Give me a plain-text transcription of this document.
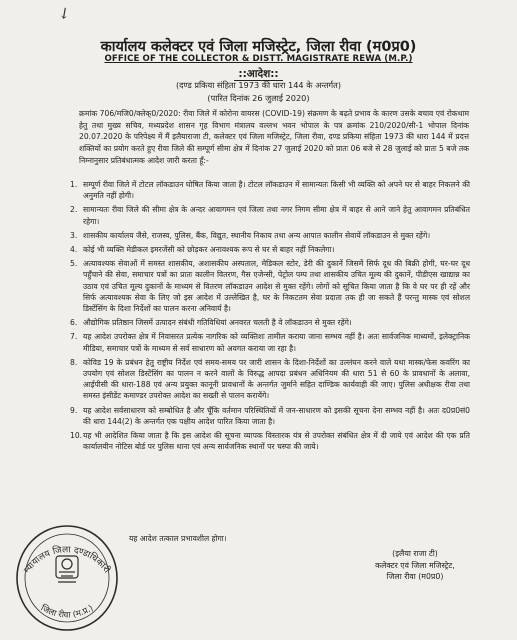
↙
कार्यालय कलेक्टर एवं जिला मजिस्ट्रेट, जिला रीवा (म0प्र0)
OFFICE OF THE COLLECTOR & DISTT. MAGISTRATE REWA (M.P.)
::आदेश::
(दण्ड प्रकिया संहिता 1973 की धारा 144 के अन्तर्गत)
(पारित दिनांक 26 जुलाई 2020)
क्रमांक 706/मजि0/क्लेक्0/2020: रीवा जिले में कोरोना वायरस (COVID-19) संक्रमण के बढ़ते प्रभाव के कारण उसके बचाव एवं रोकथाम हेतु तथा मुख्य सचिव, मध्यप्रदेश शासन गृह विभाग मंत्रालय वल्लभ भवन भोपाल के पत्र क्रमांक 210/2020/सी-1 भोपाल दिनांक 20.07.2020 के परिपेक्ष्य में मैं इलैयाराजा टी, कलेक्टर एवं जिला मजिस्ट्रेट, जिला रीवा, दण्ड प्रकिया संहिता 1973 की धारा 144 में प्रदत्त शक्तियों का प्रयोग करते हुए रीवा जिले की सम्पूर्ण सीमा क्षेत्र में दिनांक 27 जुलाई 2020 को प्रातः 06 बजे से 28 जुलाई को प्रातः 5 बजे तक निम्नानुसार प्रतिबंधात्मक आदेश जारी करता हूँ:-
1. सम्पूर्ण रीवा जिले में टोटल लॉकडाउन घोषित किया जाता है। टोटल लॉकडाउन में सामान्यतः किसी भी व्यक्ति को अपने घर से बाहर निकलने की अनुमति नहीं होगी।
2. सामान्यतः रीवा जिले की सीमा क्षेत्र के अन्दर आवागमन एवं जिला तथा नगर निगम सीमा क्षेत्र में बाहर से आने जाने हेतु आवागमन प्रतिबंधित रहेगा।
3. शासकीय कार्यालय जैसे, राजस्व, पुलिस, बैंक, विद्युत, स्थानीय निकाय तथा अन्य आपात कालीन सेवायें लॉकडाउन से मुक्त रहेंगे।
4. कोई भी व्यक्ति मेडीकल इमरजेंसी को छोड़कर अनावश्यक रूप से घर से बाहर नहीं निकलेगा।
5. अत्यावश्यक सेवाओं में समस्त शासकीय, अशासकीय अस्पताल, मेडिकल स्टोर, डेरी की दुकानें जिसमें सिर्फ दूध की बिक्री होगी, घर-घर दूध पहुँचाने की सेवा, समाचार पत्रों का प्रातः कालीन वितरण, गैस एजेन्सी, पेट्रोल पम्प तथा शासकीय उचित मूल्य की दुकानें, पीडीएस खाद्यान्न का उठाव एवं उचित मूल्य दुकानों के माध्यम से वितरण लॉकडाउन आदेश से मुक्त रहेंगे। लोगों को सूचित किया जाता है कि वे घर पर ही रहें और सिर्फ अत्यावश्यक सेवा के लिए जो इस आदेश में उल्लेखित है, घर के निकटतम सेवा प्रदाता तक ही जा सकते हैं परन्तु मास्क एवं सोशल डिस्टेंसिंग के दिशा निर्देशों का पालन करना अनिवार्य है।
6. औद्योगिक प्रतिष्ठान जिसमें उत्पादन संबंधी गतिविधियां अनवरत चलती है वे लॉकडाउन से मुक्त रहेंगे।
7. यह आदेश उपरोक्त क्षेत्र में निवासरत प्रत्येक नागरिक को व्यक्तिशः तामील कराया जाना सम्भव नहीं है। अतः सार्वजनिक माध्यमों, इलेक्ट्रानिक मीडिया, समाचार पत्रों के माध्यम से सर्व साधारण को अवगत कराया जा रहा है।
8. कोविड 19 के प्रबंधन हेतु राष्ट्रीय निर्देश एवं समय-समय पर जारी शासन के दिशा-निर्देशों का उल्लंघन करने वाले यथा मास्क/फेस कवरिंग का उपयोग एवं सोशल डिस्टेंसिंग का पालन न करने वालों के विरुद्ध आपदा प्रबंधन अधिनियम की धारा 51 से 60 के प्रावधानों के अलावा, आईपीसी की धारा-188 एवं अन्य प्रयुक्त कानूनी प्रावधानों के अन्तर्गत जुर्माने सहित दाण्डिक कार्यवाही की जाए। पुलिस अधीक्षक रीवा तथा समस्त इंसीडेंट कमाण्डर उपरोक्त आदेश का सख्ती से पालन करायेंगे।
9. यह आदेश सर्वसाधारण को सम्बोधित है और चूँकि वर्तमान परिस्थितियों में जन-साधारण को इसकी सूचना देना सम्भव नहीं है। अतः द0प्र0सं0 की धारा 144(2) के अन्तर्गत एक पक्षीय आदेश पारित किया जाता है।
10. यह भी आदेशित किया जाता है कि इस आदेश की सूचना व्यापक विस्तारक यंत्र से उपरोक्त संबंधित क्षेत्र में दी जाये एवं आदेश की एक प्रति कार्यालयीन नोटिस बोर्ड पर पुलिस थाना एवं अन्य सार्वजनिक स्थानों पर चस्पा की जाये।
यह आदेश तत्काल प्रभावशील होगा।
न्यायालय जिला दण्डाधिकारी
जिला रीवा (म.प्र.)
(इलैया राजा टी)
कलेक्टर एवं जिला मजिस्ट्रेट,
जिला रीवा (म0प्र0)
